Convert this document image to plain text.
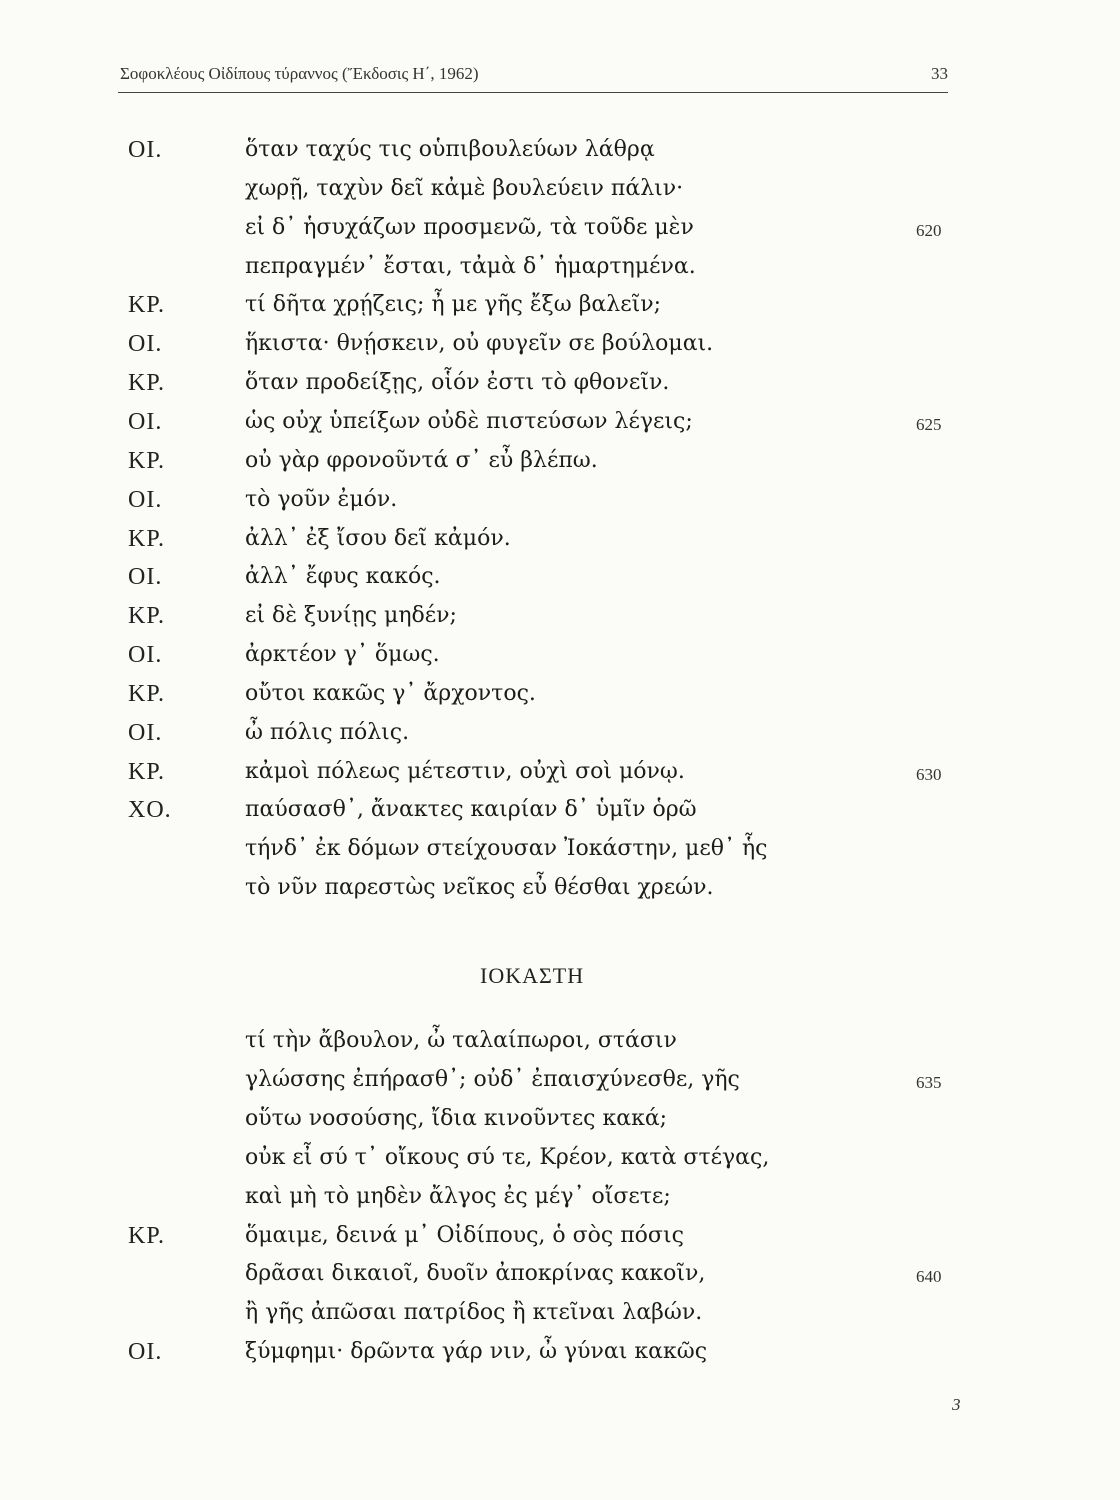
Σοφοκλέους Οἰδίπους τύραννος (Ἔκδοσις Η΄, 1962)	33
ΟΙ.	ὅταν ταχύς τις οὑπιβουλεύων λάθρᾳ
χωρῇ, ταχὺν δεῖ κἀμὲ βουλεύειν πάλιν·
εἰ δ᾽ ἡσυχάζων προσμενῶ, τὰ τοῦδε μὲν	620
πεπραγμέν᾽ ἔσται, τἀμὰ δ᾽ ἡμαρτημένα.
ΚΡ.	τί δῆτα χρῄζεις; ἦ με γῆς ἔξω βαλεῖν;
ΟΙ.	ἥκιστα· θνῄσκειν, οὐ φυγεῖν σε βούλομαι.
ΚΡ.	ὅταν προδείξῃς, οἷόν ἐστι τὸ φθονεῖν.
ΟΙ.	ὡς οὐχ ὑπείξων οὐδὲ πιστεύσων λέγεις;	625
ΚΡ.	οὐ γὰρ φρονοῦντά σ᾽ εὖ βλέπω.
ΟΙ.	τὸ γοῦν ἐμόν.
ΚΡ.	ἀλλ᾽ ἐξ ἴσου δεῖ κἀμόν.
ΟΙ.	ἀλλ᾽ ἔφυς κακός.
ΚΡ.	εἰ δὲ ξυνίῃς μηδέν;
ΟΙ.	ἀρκτέον γ᾽ ὅμως.
ΚΡ.	οὔτοι κακῶς γ᾽ ἄρχοντος.
ΟΙ.	ὦ πόλις πόλις.
ΚΡ.	κἀμοὶ πόλεως μέτεστιν, οὐχὶ σοὶ μόνῳ.	630
ΧΟ.	παύσασθ᾽, ἄνακτες καιρίαν δ᾽ ὑμῖν ὁρῶ
τήνδ᾽ ἐκ δόμων στείχουσαν Ἰοκάστην, μεθ᾽ ἧς
τὸ νῦν παρεστὼς νεῖκος εὖ θέσθαι χρεών.
ΙΟΚΑΣΤΗ
τί τὴν ἄβουλον, ὦ ταλαίπωροι, στάσιν
γλώσσης ἐπήρασθ᾽; οὐδ᾽ ἐπαισχύνεσθε, γῆς	635
οὕτω νοσούσης, ἴδια κινοῦντες κακά;
οὐκ εἶ σύ τ᾽ οἴκους σύ τε, Κρέον, κατὰ στέγας,
καὶ μὴ τὸ μηδὲν ἄλγος ἐς μέγ᾽ οἴσετε;
ΚΡ.	ὅμαιμε, δεινά μ᾽ Οἰδίπους, ὁ σὸς πόσις
δρᾶσαι δικαιοῖ, δυοῖν ἀποκρίνας κακοῖν,	640
ἢ γῆς ἀπῶσαι πατρίδος ἢ κτεῖναι λαβών.
ΟΙ.	ξύμφημι· δρῶντα γάρ νιν, ὦ γύναι κακῶς
3
